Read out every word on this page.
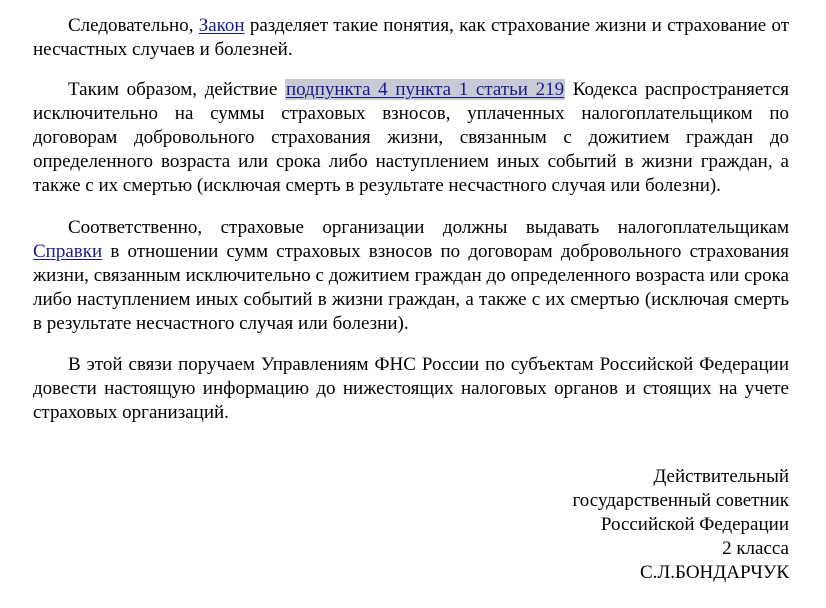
Следовательно, Закон разделяет такие понятия, как страхование жизни и страхование от несчастных случаев и болезней.

Таким образом, действие подпункта 4 пункта 1 статьи 219 Кодекса распространяется исключительно на суммы страховых взносов, уплаченных налогоплательщиком по договорам добровольного страхования жизни, связанным с дожитием граждан до определенного возраста или срока либо наступлением иных событий в жизни граждан, а также с их смертью (исключая смерть в результате несчастного случая или болезни).

Соответственно, страховые организации должны выдавать налогоплательщикам Справки в отношении сумм страховых взносов по договорам добровольного страхования жизни, связанным исключительно с дожитием граждан до определенного возраста или срока либо наступлением иных событий в жизни граждан, а также с их смертью (исключая смерть в результате несчастного случая или болезни).

В этой связи поручаем Управлениям ФНС России по субъектам Российской Федерации довести настоящую информацию до нижестоящих налоговых органов и стоящих на учете страховых организаций.

Действительный
государственный советник
Российской Федерации
2 класса
С.Л.БОНДАРЧУК
